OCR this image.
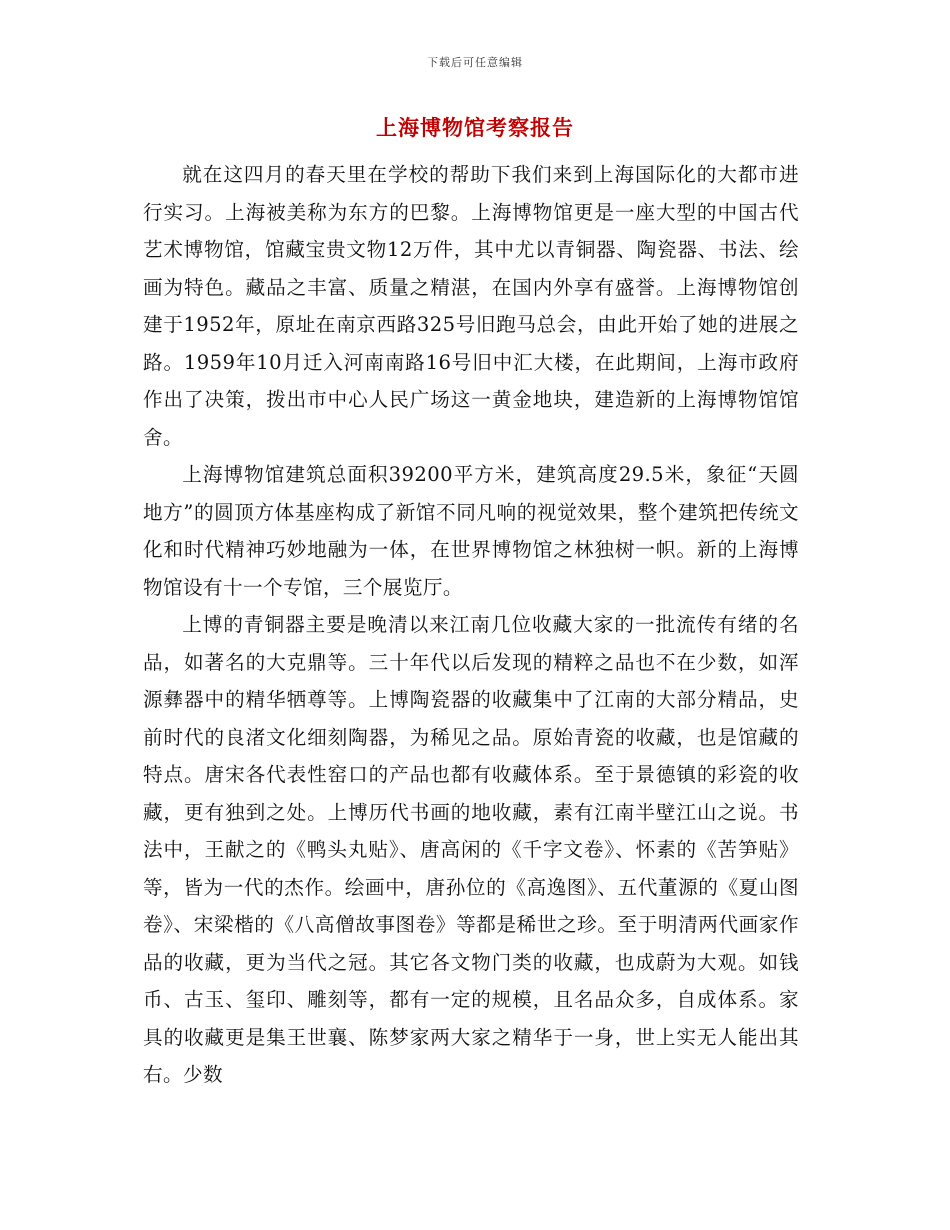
下载后可任意编辑
上海博物馆考察报告

就在这四月的春天里在学校的帮助下我们来到上海国际化的大都市进行实习。上海被美称为东方的巴黎。上海博物馆更是一座大型的中国古代艺术博物馆，馆藏宝贵文物12万件，其中尤以青铜器、陶瓷器、书法、绘画为特色。藏品之丰富、质量之精湛，在国内外享有盛誉。上海博物馆创建于1952年，原址在南京西路325号旧跑马总会，由此开始了她的进展之路。1959年10月迁入河南南路16号旧中汇大楼，在此期间，上海市政府作出了决策，拨出市中心人民广场这一黄金地块，建造新的上海博物馆馆舍。

上海博物馆建筑总面积39200平方米，建筑高度29.5米，象征“天圆地方”的圆顶方体基座构成了新馆不同凡响的视觉效果，整个建筑把传统文化和时代精神巧妙地融为一体，在世界博物馆之林独树一帜。新的上海博物馆设有十一个专馆，三个展览厅。

上博的青铜器主要是晚清以来江南几位收藏大家的一批流传有绪的名品，如著名的大克鼎等。三十年代以后发现的精粹之品也不在少数，如浑源彝器中的精华牺尊等。上博陶瓷器的收藏集中了江南的大部分精品，史前时代的良渚文化细刻陶器，为稀见之品。原始青瓷的收藏，也是馆藏的特点。唐宋各代表性窑口的产品也都有收藏体系。至于景德镇的彩瓷的收藏，更有独到之处。上博历代书画的地收藏，素有江南半壁江山之说。书法中，王献之的《鸭头丸贴》、唐高闲的《千字文卷》、怀素的《苦笋贴》等，皆为一代的杰作。绘画中，唐孙位的《高逸图》、五代董源的《夏山图卷》、宋梁楷的《八高僧故事图卷》等都是稀世之珍。至于明清两代画家作品的收藏，更为当代之冠。其它各文物门类的收藏，也成蔚为大观。如钱币、古玉、玺印、雕刻等，都有一定的规模，且名品众多，自成体系。家具的收藏更是集王世襄、陈梦家两大家之精华于一身，世上实无人能出其右。少数
